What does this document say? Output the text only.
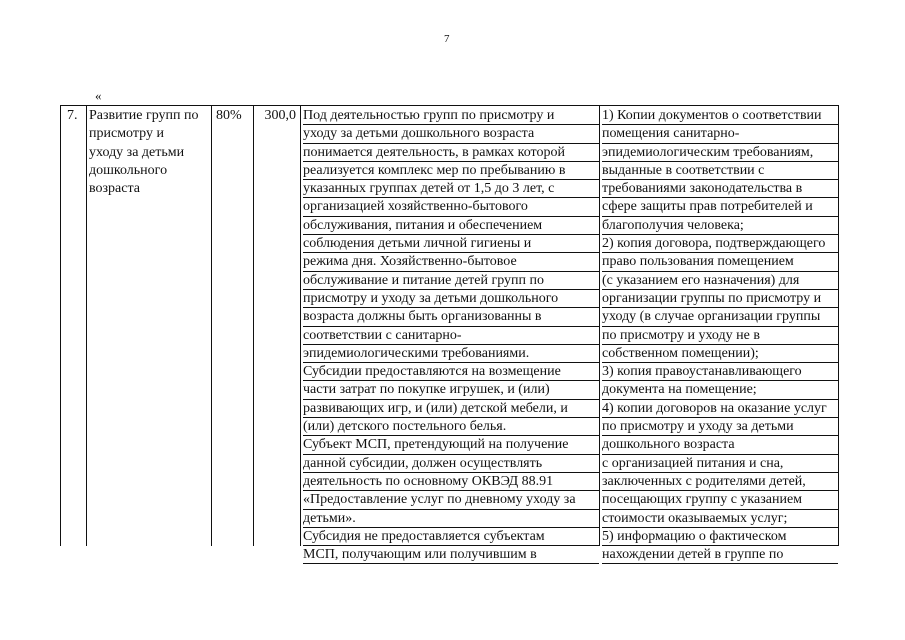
7
«
7. Развитие групп по
присмотру и
уходу за детьми
дошкольного
возраста
80%	300,0 Под деятельностью групп по присмотру и
уходу за детьми дошкольного возраста
понимается деятельность, в рамках которой
реализуется комплекс мер по пребыванию в
указанных группах детей от 1,5 до 3 лет, с
организацией хозяйственно-бытового
обслуживания, питания и обеспечением
соблюдения детьми личной гигиены и
режима дня. Хозяйственно-бытовое
обслуживание и питание детей групп по
присмотру и уходу за детьми дошкольного
возраста должны быть организованны в
соответствии с санитарно-
эпидемиологическими требованиями.
Субсидии предоставляются на возмещение
части затрат по покупке игрушек, и (или)
развивающих игр, и (или) детской мебели, и
(или) детского постельного белья.
Субъект МСП, претендующий на получение
данной субсидии, должен осуществлять
деятельность по основному ОКВЭД 88.91
«Предоставление услуг по дневному уходу за
детьми».
Субсидия не предоставляется субъектам
МСП, получающим или получившим в
1) Копии документов о соответствии
помещения санитарно-
эпидемиологическим требованиям,
выданные в соответствии с
требованиями законодательства в
сфере защиты прав потребителей и
благополучия человека;
2) копия договора, подтверждающего
право пользования помещением
(с указанием его назначения) для
организации группы по присмотру и
уходу (в случае организации группы
по присмотру и уходу не в
собственном помещении);
3) копия правоустанавливающего
документа на помещение;
4) копии договоров на оказание услуг
по присмотру и уходу за детьми
дошкольного возраста
с организацией питания и сна,
заключенных с родителями детей,
посещающих группу с указанием
стоимости оказываемых услуг;
5) информацию о фактическом
нахождении детей в группе по
